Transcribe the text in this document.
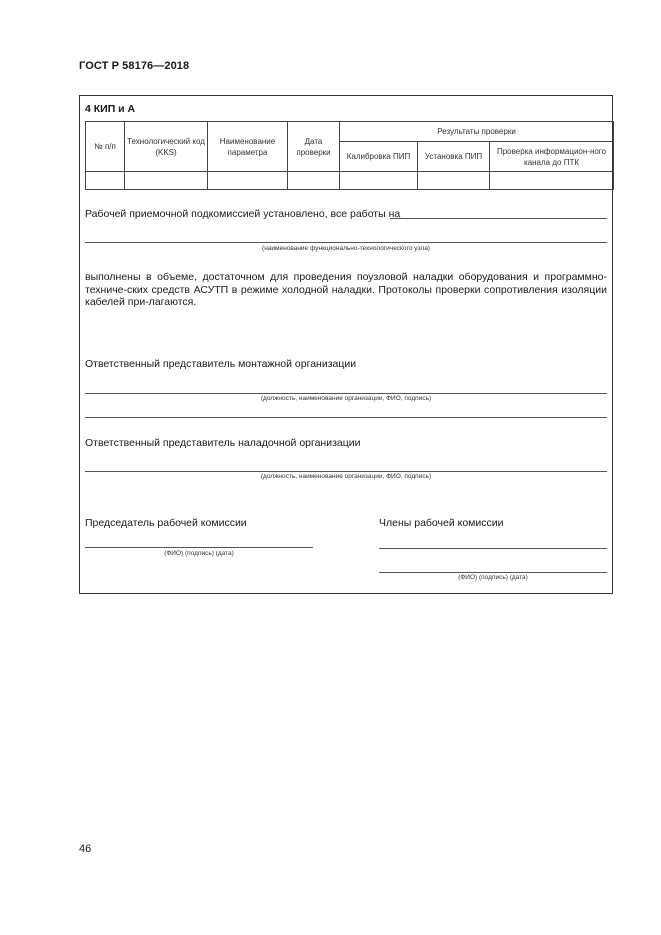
ГОСТ Р 58176—2018
4 КИП и А
№ п/п	Технологический код (KKS)	Наименование параметра	Дата проверки	Результаты проверки		
				Калибровка ПИП	Установка ПИП	Проверка информацион-ного канала до ПТК

Рабочей приемочной подкомиссией установлено, все работы на
(наименование функционально-технологического узла)
выполнены в объеме, достаточном для проведения поузловой наладки оборудования и программно-техниче-ских средств АСУТП в режиме холодной наладки. Протоколы проверки сопротивления изоляции кабелей при-лагаются.
Ответственный представитель монтажной организации
(должность, наименование организации, ФИО, подпись)
Ответственный представитель наладочной организации
(должность, наименование организации, ФИО, подпись)
Председатель рабочей комиссии
(ФИО) (подпись) (дата)
Члены рабочей комиссии
(ФИО) (подпись) (дата)
46
